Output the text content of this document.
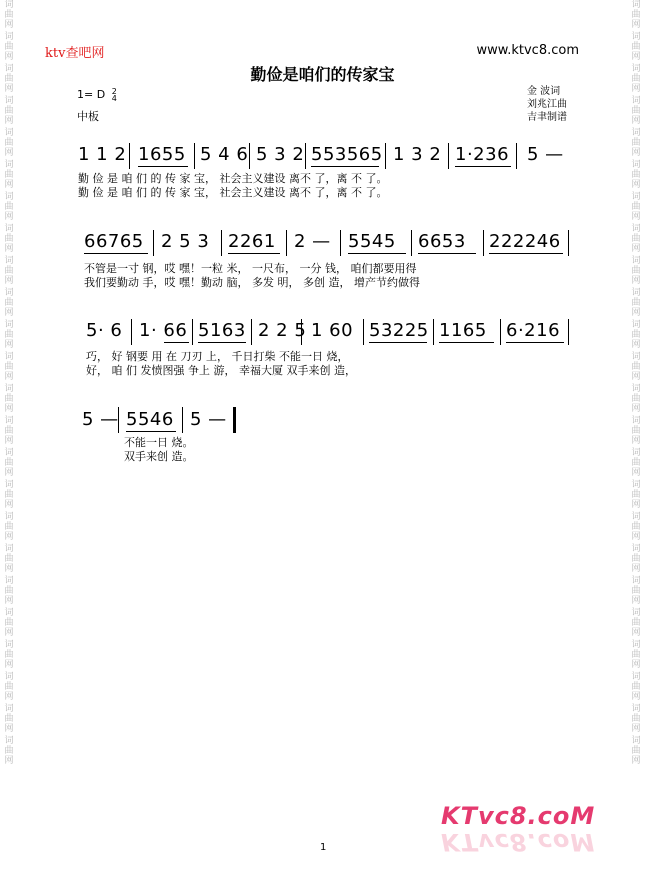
词
曲
网
词
曲
网
词
曲
网
词
曲
网
词
曲
网
词
曲
网
词
曲
网
词
曲
网
词
曲
网
词
曲
网
词
曲
网
词
曲
网
词
曲
网
词
曲
网
词
曲
网
词
曲
网
词
曲
网
词
曲
网
词
曲
网
词
曲
网
词
曲
网
词
曲
网
词
曲
网
词
曲
网
词
曲
网
词
曲
网
词
曲
网
词
曲
网
词
曲
网
词
曲
网
词
曲
网
词
曲
网
词
曲
网
词
曲
网
词
曲
网
词
曲
网
词
曲
网
词
曲
网
词
曲
网
词
曲
网
词
曲
网
词
曲
网
词
曲
网
词
曲
网
词
曲
网
词
曲
网
词
曲
网
词
曲
网
ktv查吧网	www.ktvc8.com
勤俭是咱们的传家宝
1= D 2
4
中板
金 波词
刘兆江曲
吉聿制谱
1 1 2 1655 5 4 6 5 3 2 553565 1 3 2 1·236 5 —
勤 俭 是 咱 们 的 传 家 宝， 社会主义建设 离不 了，离 不 了。
勤 俭 是 咱 们 的 传 家 宝， 社会主义建设 离不 了，离 不 了。
66765 2 5 3 2261 2 — 5545 6653 222246
不管是一寸 钢，哎 嘿！一粒 米， 一尺布， 一分 钱， 咱们都要用得
我们要勤动 手，哎 嘿！勤动 脑， 多发 明， 多创 造， 增产节约做得
5· 6 1· 66 5163 2 2 5 1 60 53225 1165 6·216
巧， 好 钢要 用 在 刀刃 上， 千日打柴 不能一日 烧，
好， 咱 们 发愤图强 争上 游， 幸福大厦 双手来创 造，
5 — 5546 5 —
不能一日 烧。
双手来创 造。
KTvc8.coM
KTvc8.coM
1
